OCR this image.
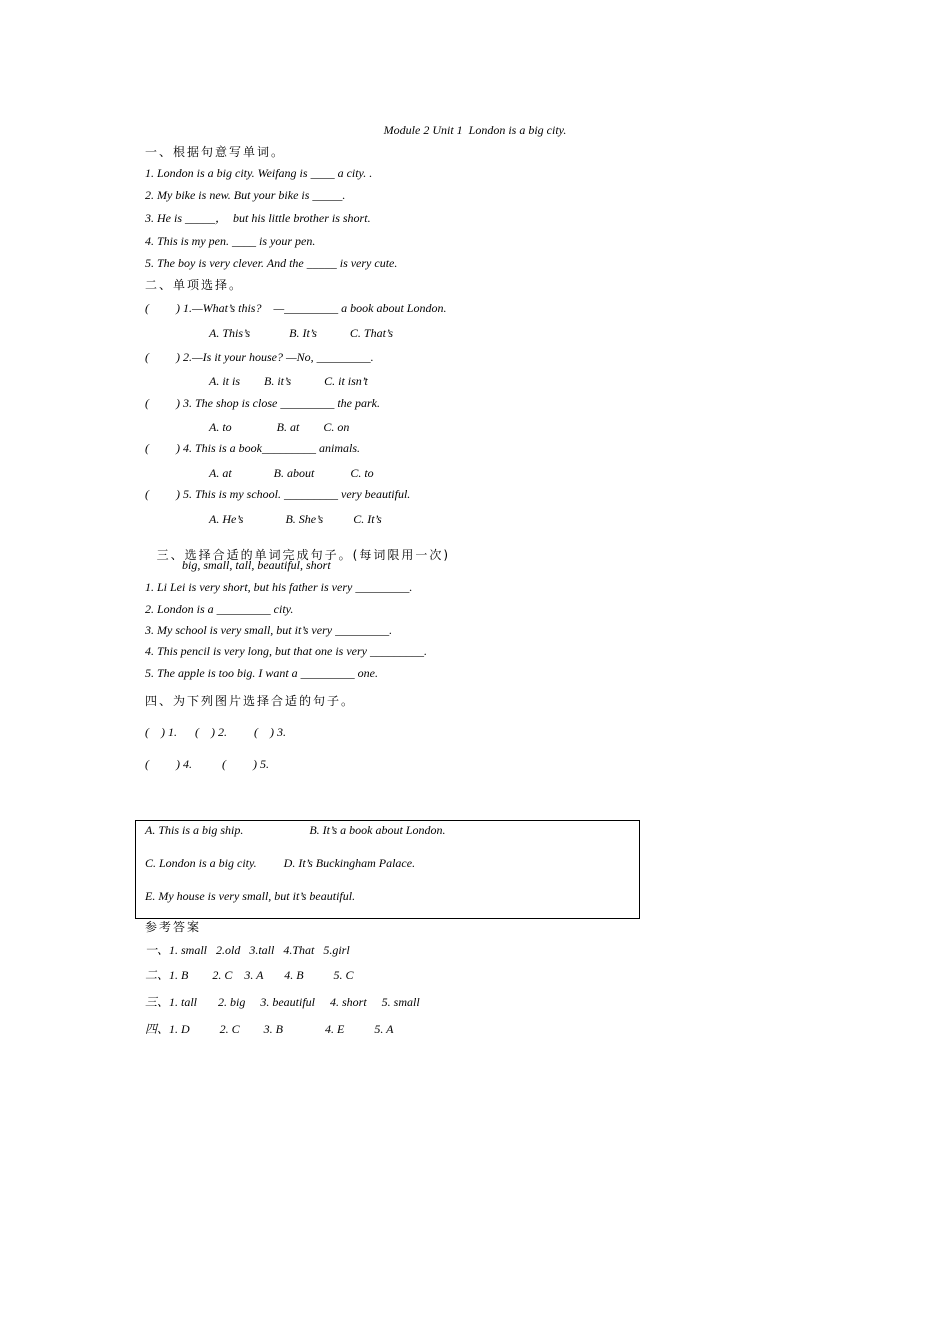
Module 2 Unit 1  London is a big city.
一、根据句意写单词。
1. London is a big city. Weifang is ____ a city. .
2. My bike is new. But your bike is _____.
3. He is _____，  but his little brother is short.
4. This is my pen. ____ is your pen.
5. The boy is very clever. And the _____ is very cute.
二、单项选择。
(         ) 1.—What’s this?    —_________ a book about London.
A. This’s             B. It’s           C. That’s
(         ) 2.—Is it your house? —No, _________.
A. it is        B. it’s           C. it isn’t
(         ) 3. The shop is close _________ the park.
A. to               B. at        C. on
(         ) 4. This is a book_________ animals.
A. at              B. about            C. to
(         ) 5. This is my school. _________ very beautiful.
A. He’s              B. She’s          C. It’s

三、选择合适的单词完成句子。(每词限用一次)

big, small, tall, beautiful, short
1. Li Lei is very short, but his father is very _________.
2. London is a _________ city.
3. My school is very small, but it’s very _________.
4. This pencil is very long, but that one is very _________.
5. The apple is too big. I want a _________ one.
四、为下列图片选择合适的句子。
(    ) 1.      (    ) 2.         (    ) 3.
(         ) 4.          (         ) 5.
A. This is a big ship.                      B. It’s a book about London.
C. London is a big city.         D. It’s Buckingham Palace.
E. My house is very small, but it’s beautiful.
参考答案
一、1. small   2.old   3.tall   4.That   5.girl
二、1. B        2. C    3. A       4. B          5. C
三、1. tall       2. big     3. beautiful     4. short     5. small
四、1. D          2. C        3. B              4. E          5. A
